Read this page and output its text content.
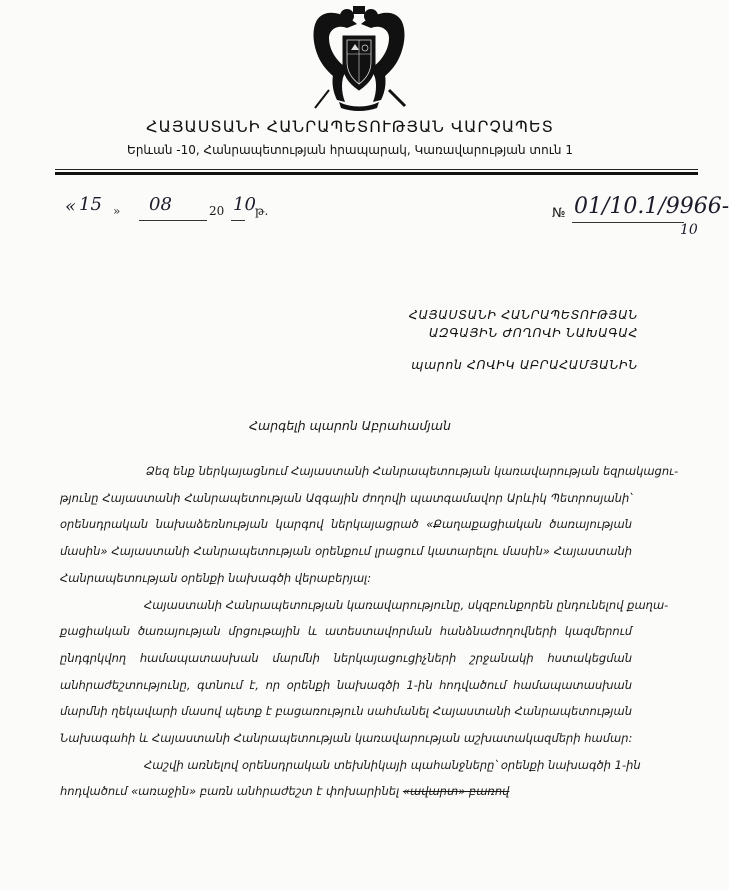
ՀԱՅԱՍՏԱՆԻ ՀԱՆՐԱՊԵՏՈՒԹՅԱՆ ՎԱՐՉԱՊԵՏ
Երևան -10, Հանրապետության հրապարակ, Կառավարության տուն 1
« 15 » 08	20 10 թ.	№ 01/10.1/9966-
10
ՀԱՅԱՍՏԱՆԻ ՀԱՆՐԱՊԵՏՈՒԹՅԱՆ
ԱԶԳԱՅԻՆ ԺՈՂՈՎԻ ՆԱԽԱԳԱՀ
պարոն ՀՈՎԻԿ ԱԲՐԱՀԱՄՅԱՆԻՆ
Հարգելի պարոն Աբրահամյան
Ձեզ ենք ներկայացնում Հայաստանի Հանրապետության կառավարության եզրակացու-
թյունը Հայաստանի Հանրապետության Ազգային ժողովի պատգամավոր Արևիկ Պետրոսյանի՝
օրենսդրական նախաձեռնության կարգով ներկայացրած «Քաղաքացիական ծառայության
մասին» Հայաստանի Հանրապետության օրենքում լրացում կատարելու մասին» Հայաստանի
Հանրապետության օրենքի նախագծի վերաբերյալ:
Հայաստանի Հանրապետության կառավարությունը, սկզբունքորեն ընդունելով քաղա-
քացիական ծառայության մրցութային և ատեստավորման հանձնաժողովների կազմերում
ընդգրկվող համապատասխան մարմնի ներկայացուցիչների շրջանակի հստակեցման
անհրաժեշտությունը, գտնում է, որ օրենքի նախագծի 1-ին հոդվածում համապատասխան
մարմնի ղեկավարի մասով պետք է բացառություն սահմանել Հայաստանի Հանրապետության
Նախագահի և Հայաստանի Հանրապետության կառավարության աշխատակազմերի համար:
Հաշվի առնելով օրենսդրական տեխնիկայի պահանջները՝ օրենքի նախագծի 1-ին
հոդվածում «առաջին» բառն անհրաժեշտ է փոխարինել «ավարտ» բառով
